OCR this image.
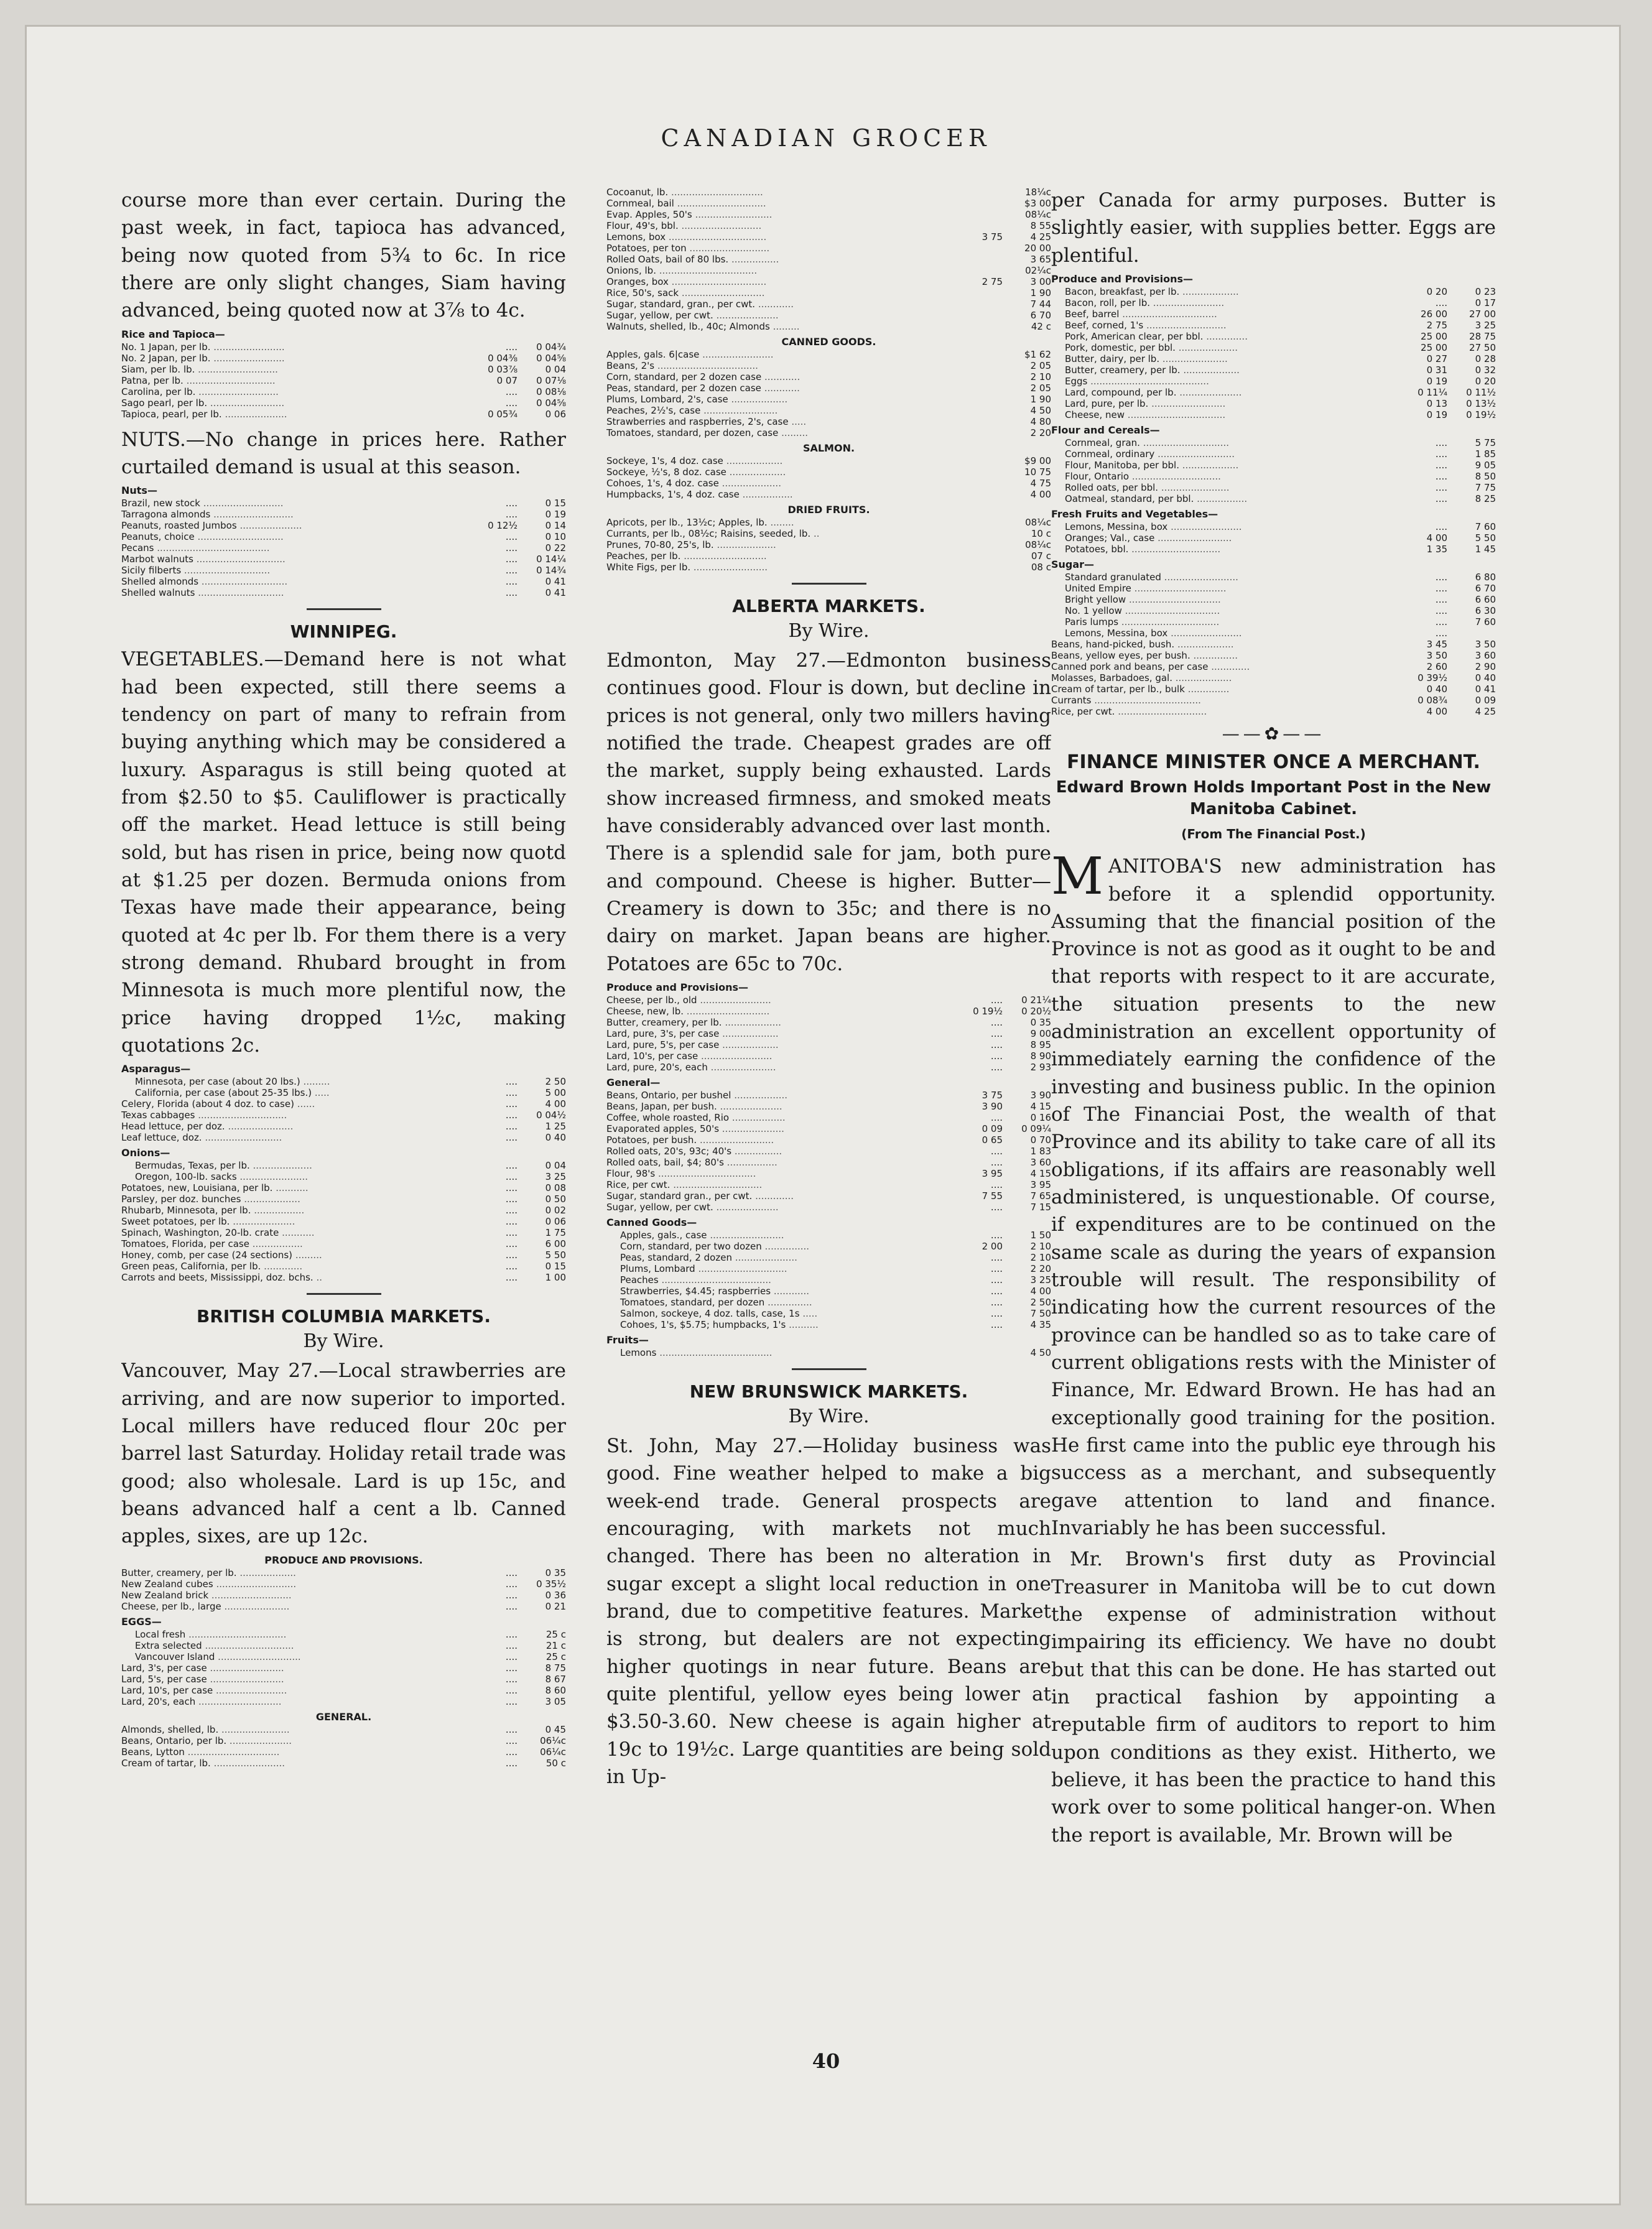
CANADIAN GROCER

course more than ever certain. During the past week, in fact, tapioca has advanced, being now quoted from 5¾ to 6c. In rice there are only slight changes, Siam having advanced, being quoted now at 3⅞ to 4c.

Rice and Tapioca—
No. 1 Japan, per lb. ........................	....	0 04¾
No. 2 Japan, per lb. ........................	0 04⅜	0 04⅝
Siam, per lb. lb. ...........................	0 03⅞	0 04
Patna, per lb. ..............................	0 07	0 07⅛
Carolina, per lb. ...........................	....	0 08⅛
Sago pearl, per lb. .........................	....	0 04⅝
Tapioca, pearl, per lb. .....................	0 05¾	0 06

NUTS.—No change in prices here. Rather curtailed demand is usual at this season.

Nuts—
Brazil, new stock ...........................	....	0 15
Tarragona almonds ...........................	....	0 19
Peanuts, roasted Jumbos .....................	0 12½	0 14
Peanuts, choice .............................	....	0 10
Pecans ......................................	....	0 22
Marbot walnuts ..............................	....	0 14¼
Sicily filberts .............................	....	0 14¾
Shelled almonds .............................	....	0 41
Shelled walnuts .............................	....	0 41
WINNIPEG.

VEGETABLES.—Demand here is not what had been expected, still there seems a tendency on part of many to refrain from buying anything which may be considered a luxury. Asparagus is still being quoted at from $2.50 to $5. Cauliflower is practically off the market. Head lettuce is still being sold, but has risen in price, being now quotd at $1.25 per dozen. Bermuda onions from Texas have made their appearance, being quoted at 4c per lb. For them there is a very strong demand. Rhubard brought in from Minnesota is much more plentiful now, the price having dropped 1½c, making quotations 2c.

Asparagus—
Minnesota, per case (about 20 lbs.) .........	....	2 50
California, per case (about 25-35 lbs.) .....	....	5 00
Celery, Florida (about 4 doz. to case) ......	....	4 00
Texas cabbages ..............................	....	0 04½
Head lettuce, per doz. ......................	....	1 25
Leaf lettuce, doz. ..........................	....	0 40
Onions—
Bermudas, Texas, per lb. ....................	....	0 04
Oregon, 100-lb. sacks .......................	....	3 25
Potatoes, new, Louisiana, per lb. ...........	....	0 08
Parsley, per doz. bunches ...................	....	0 50
Rhubarb, Minnesota, per lb. .................	....	0 02
Sweet potatoes, per lb. .....................	....	0 06
Spinach, Washington, 20-lb. crate ...........	....	1 75
Tomatoes, Florida, per case .................	....	6 00
Honey, comb, per case (24 sections) .........	....	5 50
Green peas, California, per lb. .............	....	0 15
Carrots and beets, Mississippi, doz. bchs. ..	....	1 00
BRITISH COLUMBIA MARKETS.
By Wire.

Vancouver, May 27.—Local strawberries are arriving, and are now superior to imported. Local millers have reduced flour 20c per barrel last Saturday. Holiday retail trade was good; also wholesale. Lard is up 15c, and beans advanced half a cent a lb. Canned apples, sixes, are up 12c.

PRODUCE AND PROVISIONS.
Butter, creamery, per lb. ...................	....	0 35
New Zealand cubes ...........................	....	0 35½
New Zealand brick ...........................	....	0 36
Cheese, per lb., large ......................	....	0 21
EGGS—
Local fresh .................................	....	25 c
Extra selected ..............................	....	21 c
Vancouver Island ............................	....	25 c
Lard, 3's, per case .........................	....	8 75
Lard, 5's, per case .........................	....	8 67
Lard, 10's, per case ........................	....	8 60
Lard, 20's, each ............................	....	3 05
GENERAL.
Almonds, shelled, lb. .......................	....	0 45
Beans, Ontario, per lb. .....................	....	06¼c
Beans, Lytton ...............................	....	06¼c
Cream of tartar, lb. ........................	....	50 c
Cocoanut, lb. ...............................		18¼c
Cornmeal, bail ..............................		$3 00
Evap. Apples, 50's ..........................		08¼c
Flour, 49's, bbl. ...........................		8 55
Lemons, box .................................	3 75	4 25
Potatoes, per ton ...........................		20 00
Rolled Oats, bail of 80 lbs. ................		3 65
Onions, lb. .................................		02¼c
Oranges, box ................................	2 75	3 00
Rice, 50's, sack ............................		1 90
Sugar, standard, gran., per cwt. ............		7 44
Sugar, yellow, per cwt. .....................		6 70
Walnuts, shelled, lb., 40c; Almonds .........		42 c
CANNED GOODS.
Apples, gals. 6|case ........................		$1 62
Beans, 2's ..................................		2 05
Corn, standard, per 2 dozen case ............		2 10
Peas, standard, per 2 dozen case ............		2 05
Plums, Lombard, 2's, case ...................		1 90
Peaches, 2½'s, case .........................		4 50
Strawberries and raspberries, 2's, case .....		4 80
Tomatoes, standard, per dozen, case .........		2 20
SALMON.
Sockeye, 1's, 4 doz. case ...................		$9 00
Sockeye, ½'s, 8 doz. case ...................		10 75
Cohoes, 1's, 4 doz. case ....................		4 75
Humpbacks, 1's, 4 doz. case .................		4 00
DRIED FRUITS.
Apricots, per lb., 13½c; Apples, lb. ........		08¼c
Currants, per lb., 08½c; Raisins, seeded, lb. ..		10 c
Prunes, 70-80, 25's, lb. ....................		08¼c
Peaches, per lb. ............................		07 c
White Figs, per lb. .........................		08 c
ALBERTA MARKETS.
By Wire.

Edmonton, May 27.—Edmonton business continues good. Flour is down, but decline in prices is not general, only two millers having notified the trade. Cheapest grades are off the market, supply being exhausted. Lards show increased firmness, and smoked meats have considerably advanced over last month. There is a splendid sale for jam, both pure and compound. Cheese is higher. Butter—Creamery is down to 35c; and there is no dairy on market. Japan beans are higher. Potatoes are 65c to 70c.

Produce and Provisions—
Cheese, per lb., old ........................	....	0 21¼
Cheese, new, lb. ............................	0 19½	0 20½
Butter, creamery, per lb. ...................	....	0 35
Lard, pure, 3's, per case ...................	....	9 00
Lard, pure, 5's, per case ...................	....	8 95
Lard, 10's, per case ........................	....	8 90
Lard, pure, 20's, each ......................	....	2 93
General—
Beans, Ontario, per bushel ..................	3 75	3 90
Beans, Japan, per bush. .....................	3 90	4 15
Coffee, whole roasted, Rio ..................	....	0 16
Evaporated apples, 50's .....................	0 09	0 09¼
Potatoes, per bush. .........................	0 65	0 70
Rolled oats, 20's, 93c; 40's ................	....	1 83
Rolled oats, bail, $4; 80's .................	....	3 60
Flour, 98's .................................	3 95	4 15
Rice, per cwt. ..............................	....	3 95
Sugar, standard gran., per cwt. .............	7 55	7 65
Sugar, yellow, per cwt. .....................	....	7 15
Canned Goods—
Apples, gals., case .........................	....	1 50
Corn, standard, per two dozen ...............	2 00	2 10
Peas, standard, 2 dozen .....................	....	2 10
Plums, Lombard ..............................	....	2 20
Peaches .....................................	....	3 25
Strawberries, $4.45; raspberries ............	....	4 00
Tomatoes, standard, per dozen ...............	....	2 50
Salmon, sockeye, 4 doz. talls, case, 1s .....	....	7 50
Cohoes, 1's, $5.75; humpbacks, 1's ..........	....	4 35
Fruits—
Lemons ......................................		4 50
NEW BRUNSWICK MARKETS.
By Wire.

St. John, May 27.—Holiday business was good. Fine weather helped to make a big week-end trade. General prospects are encouraging, with markets not much changed. There has been no alteration in sugar except a slight local reduction in one brand, due to competitive features. Market is strong, but dealers are not expecting higher quotings in near future. Beans are quite plentiful, yellow eyes being lower at $3.50-3.60. New cheese is again higher at 19c to 19½c. Large quantities are being sold in Up-

per Canada for army purposes. Butter is slightly easier, with supplies better. Eggs are plentiful.

Produce and Provisions—
Bacon, breakfast, per lb. ...................	0 20	0 23
Bacon, roll, per lb. ........................	....	0 17
Beef, barrel ................................	26 00	27 00
Beef, corned, 1's ...........................	2 75	3 25
Pork, American clear, per bbl. ..............	25 00	28 75
Pork, domestic, per bbl. ....................	25 00	27 50
Butter, dairy, per lb. ......................	0 27	0 28
Butter, creamery, per lb. ...................	0 31	0 32
Eggs ........................................	0 19	0 20
Lard, compound, per lb. .....................	0 11¼	0 11½
Lard, pure, per lb. .........................	0 13	0 13½
Cheese, new .................................	0 19	0 19½
Flour and Cereals—
Cornmeal, gran. .............................	....	5 75
Cornmeal, ordinary ..........................	....	1 85
Flour, Manitoba, per bbl. ...................	....	9 05
Flour, Ontario ..............................	....	8 50
Rolled oats, per bbl. .......................	....	7 75
Oatmeal, standard, per bbl. .................	....	8 25
Fresh Fruits and Vegetables—
Lemons, Messina, box ........................	....	7 60
Oranges; Val., case .........................	4 00	5 50
Potatoes, bbl. ..............................	1 35	1 45
Sugar—
Standard granulated .........................	....	6 80
United Empire ...............................	....	6 70
Bright yellow ...............................	....	6 60
No. 1 yellow ................................	....	6 30
Paris lumps .................................	....	7 60
Lemons, Messina, box ........................	....	
Beans, hand-picked, bush. ...................	3 45	3 50
Beans, yellow eyes, per bush. ...............	3 50	3 60
Canned pork and beans, per case .............	2 60	2 90
Molasses, Barbadoes, gal. ...................	0 39½	0 40
Cream of tartar, per lb., bulk ..............	0 40	0 41
Currants ....................................	0 08¾	0 09
Rice, per cwt. ..............................	4 00	4 25
——✿——
FINANCE MINISTER ONCE A MERCHANT.
Edward Brown Holds Important Post in the New Manitoba Cabinet.
(From The Financial Post.)

MANITOBA'S new administration has before it a splendid opportunity. Assuming that the financial position of the Province is not as good as it ought to be and that reports with respect to it are accurate, the situation presents to the new administration an excellent opportunity of immediately earning the confidence of the investing and business public. In the opinion of The Financiai Post, the wealth of that Province and its ability to take care of all its obligations, if its affairs are reasonably well administered, is unquestionable. Of course, if expenditures are to be continued on the same scale as during the years of expansion trouble will result. The responsibility of indicating how the current resources of the province can be handled so as to take care of current obligations rests with the Minister of Finance, Mr. Edward Brown. He has had an exceptionally good training for the position. He first came into the public eye through his success as a merchant, and subsequently gave attention to land and finance. Invariably he has been successful.

Mr. Brown's first duty as Provincial Treasurer in Manitoba will be to cut down the expense of administration without impairing its efficiency. We have no doubt but that this can be done. He has started out in practical fashion by appointing a reputable firm of auditors to report to him upon conditions as they exist. Hitherto, we believe, it has been the practice to hand this work over to some political hanger-on. When the report is available, Mr. Brown will be

40
